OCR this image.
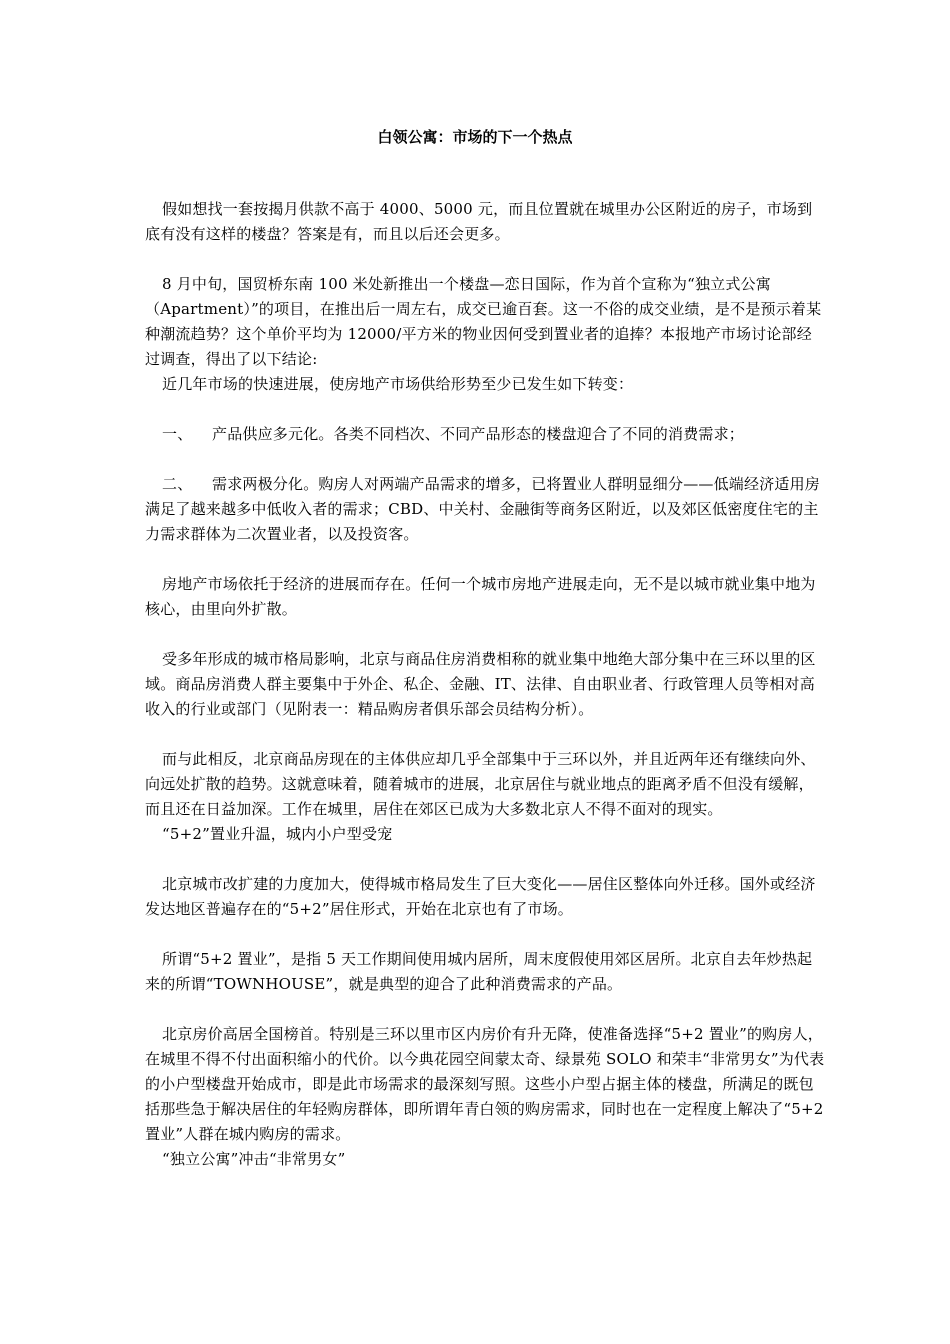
白领公寓：市场的下一个热点

假如想找一套按揭月供款不高于 4000、5000 元，而且位置就在城里办公区附近的房子，市场到底有没有这样的楼盘？答案是有，而且以后还会更多。

8 月中旬，国贸桥东南 100 米处新推出一个楼盘—恋日国际，作为首个宣称为“独立式公寓（Apartment）”的项目，在推出后一周左右，成交已逾百套。这一不俗的成交业绩，是不是预示着某种潮流趋势？这个单价平均为 12000/平方米的物业因何受到置业者的追捧？本报地产市场讨论部经过调查，得出了以下结论:

近几年市场的快速进展，使房地产市场供给形势至少已发生如下转变：

一、 产品供应多元化。各类不同档次、不同产品形态的楼盘迎合了不同的消费需求；

二、 需求两极分化。购房人对两端产品需求的增多，已将置业人群明显细分——低端经济适用房满足了越来越多中低收入者的需求；CBD、中关村、金融街等商务区附近，以及郊区低密度住宅的主力需求群体为二次置业者，以及投资客。

房地产市场依托于经济的进展而存在。任何一个城市房地产进展走向，无不是以城市就业集中地为核心，由里向外扩散。

受多年形成的城市格局影响，北京与商品住房消费相称的就业集中地绝大部分集中在三环以里的区域。商品房消费人群主要集中于外企、私企、金融、IT、法律、自由职业者、行政管理人员等相对高收入的行业或部门（见附表一：精品购房者俱乐部会员结构分析）。

而与此相反，北京商品房现在的主体供应却几乎全部集中于三环以外，并且近两年还有继续向外、向远处扩散的趋势。这就意味着，随着城市的进展，北京居住与就业地点的距离矛盾不但没有缓解，而且还在日益加深。工作在城里，居住在郊区已成为大多数北京人不得不面对的现实。

“5+2”置业升温，城内小户型受宠

北京城市改扩建的力度加大，使得城市格局发生了巨大变化——居住区整体向外迁移。国外或经济发达地区普遍存在的“5+2”居住形式，开始在北京也有了市场。

所谓“5+2 置业”，是指 5 天工作期间使用城内居所，周末度假使用郊区居所。北京自去年炒热起来的所谓“TOWNHOUSE”，就是典型的迎合了此种消费需求的产品。

北京房价高居全国榜首。特别是三环以里市区内房价有升无降，使准备选择“5+2 置业”的购房人，在城里不得不付出面积缩小的代价。以今典花园空间蒙太奇、绿景苑 SOLO 和荣丰“非常男女”为代表的小户型楼盘开始成市，即是此市场需求的最深刻写照。这些小户型占据主体的楼盘，所满足的既包括那些急于解决居住的年轻购房群体，即所谓年青白领的购房需求，同时也在一定程度上解决了“5+2 置业”人群在城内购房的需求。

“独立公寓”冲击“非常男女”
